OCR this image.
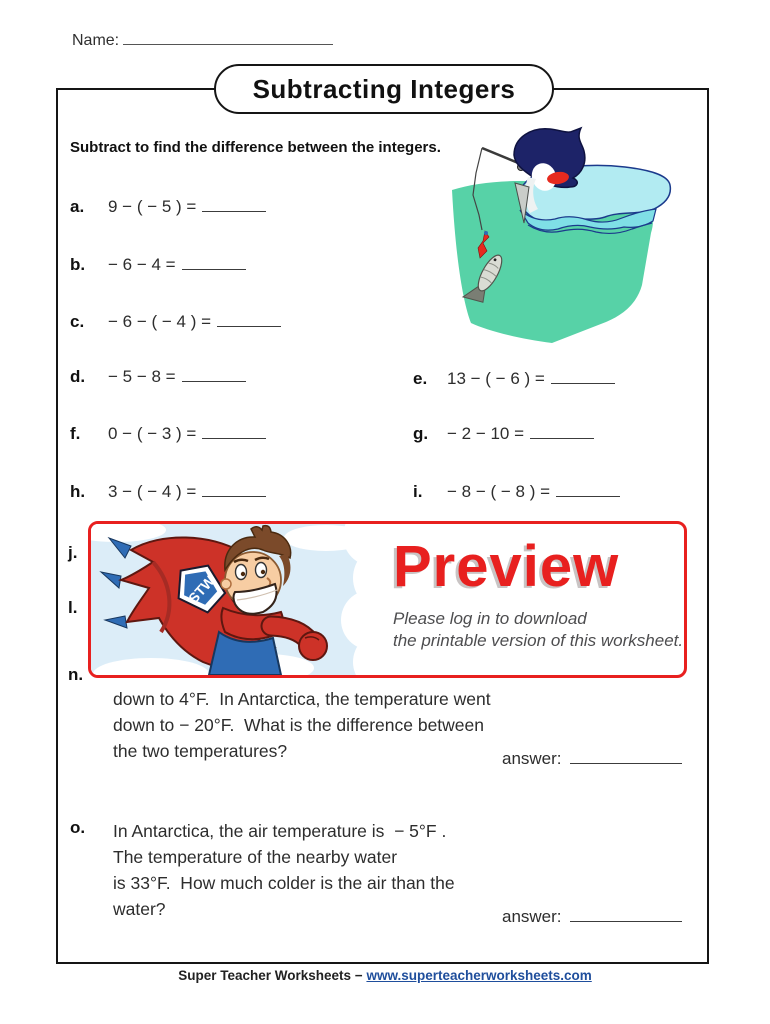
Name:
Subtracting Integers
Subtract to find the difference between the integers.
a. 9 − ( − 5 ) =
b. − 6 − 4 =
c. − 6 − ( − 4 ) =
d. − 5 − 8 =	e. 13 − ( − 6 ) =
f. 0 − ( − 3 ) =	g. − 2 − 10 =
h. 3 − ( − 4 ) =	i. − 8 − ( − 8 ) =
j.
l.
STW	Preview
Please log in to download
the printable version of this worksheet.
n.
down to 4°F.  In Antarctica, the temperature went
down to − 20°F.  What is the difference between
the two temperatures?	answer:
o. In Antarctica, the air temperature is  − 5°F .
The temperature of the nearby water
is 33°F.  How much colder is the air than the
water?	answer:
Super Teacher Worksheets − www.superteacherworksheets.com
